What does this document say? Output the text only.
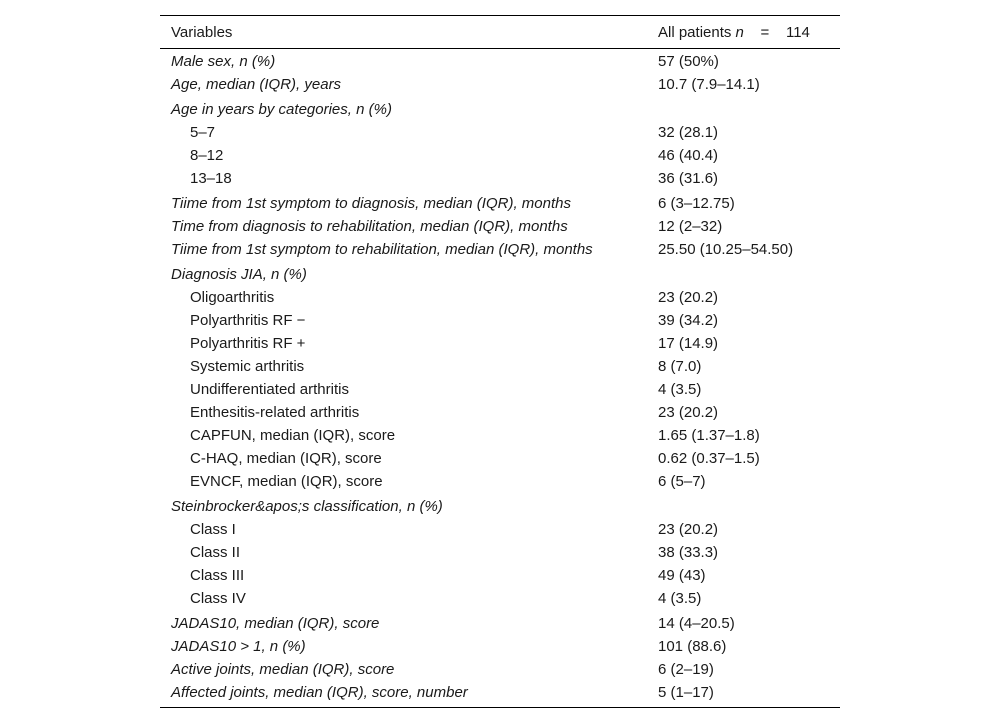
Variables	All patients n    =    114
Male sex, n (%)	57 (50%)
Age, median (IQR), years	10.7 (7.9–14.1)
Age in years by categories, n (%)
5–7	32 (28.1)
8–12	46 (40.4)
13–18	36 (31.6)
Tiime from 1st symptom to diagnosis, median (IQR), months	6 (3–12.75)
Time from diagnosis to rehabilitation, median (IQR), months	12 (2–32)
Tiime from 1st symptom to rehabilitation, median (IQR), months	25.50 (10.25–54.50)
Diagnosis JIA, n (%)
Oligoarthritis	23 (20.2)
Polyarthritis RF −	39 (34.2)
Polyarthritis RF +	17 (14.9)
Systemic arthritis	8 (7.0)
Undifferentiated arthritis	4 (3.5)
Enthesitis-related arthritis	23 (20.2)
CAPFUN, median (IQR), score	1.65 (1.37–1.8)
C-HAQ, median (IQR), score	0.62 (0.37–1.5)
EVNCF, median (IQR), score	6 (5–7)
Steinbrocker&apos;s classification, n (%)
Class I	23 (20.2)
Class II	38 (33.3)
Class III	49 (43)
Class IV	4 (3.5)
JADAS10, median (IQR), score	14 (4–20.5)
JADAS10 > 1, n (%)	101 (88.6)
Active joints, median (IQR), score	6 (2–19)
Affected joints, median (IQR), score, number	5 (1–17)
